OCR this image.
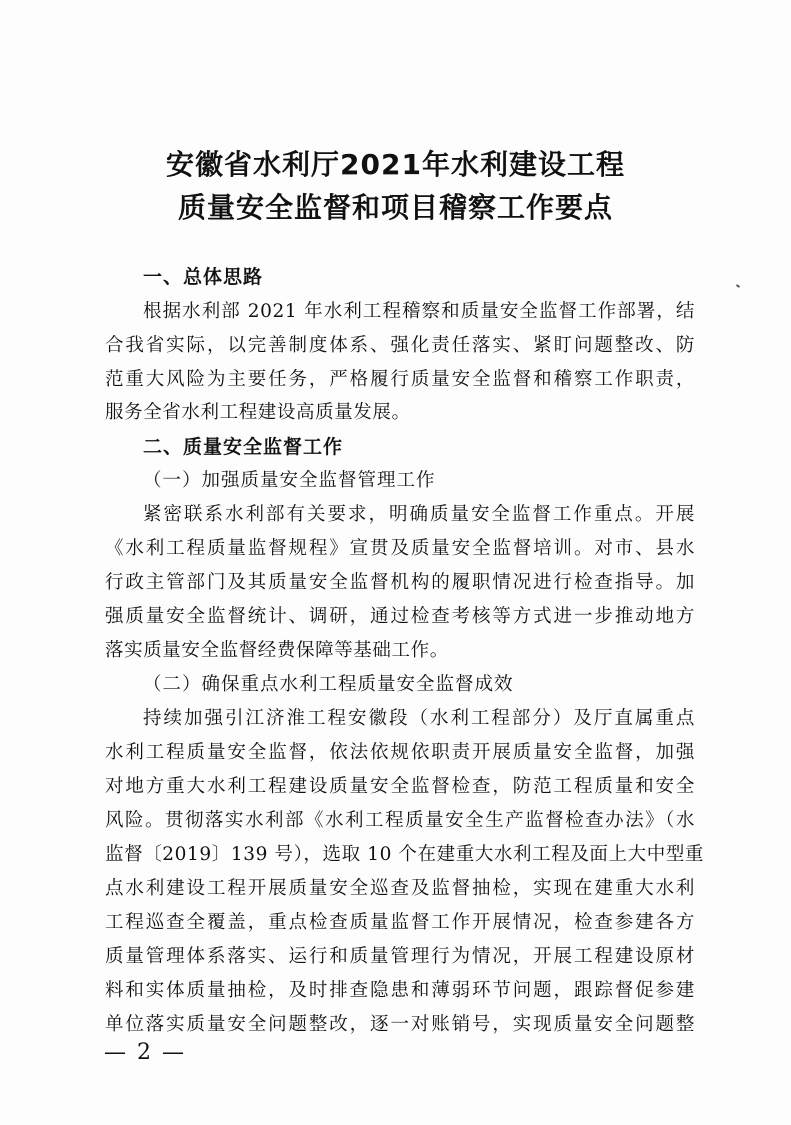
安徽省水利厅2021年水利建设工程
质量安全监督和项目稽察工作要点
一、总体思路
根据水利部 2021 年水利工程稽察和质量安全监督工作部署，结
合我省实际，以完善制度体系、强化责任落实、紧盯问题整改、防
范重大风险为主要任务，严格履行质量安全监督和稽察工作职责，
服务全省水利工程建设高质量发展。
二、质量安全监督工作
（一）加强质量安全监督管理工作
紧密联系水利部有关要求，明确质量安全监督工作重点。开展
《水利工程质量监督规程》宣贯及质量安全监督培训。对市、县水
行政主管部门及其质量安全监督机构的履职情况进行检查指导。加
强质量安全监督统计、调研，通过检查考核等方式进一步推动地方
落实质量安全监督经费保障等基础工作。
（二）确保重点水利工程质量安全监督成效
持续加强引江济淮工程安徽段（水利工程部分）及厅直属重点
水利工程质量安全监督，依法依规依职责开展质量安全监督，加强
对地方重大水利工程建设质量安全监督检查，防范工程质量和安全
风险。贯彻落实水利部《水利工程质量安全生产监督检查办法》（水
监督〔2019〕139 号），选取 10 个在建重大水利工程及面上大中型重
点水利建设工程开展质量安全巡查及监督抽检，实现在建重大水利
工程巡查全覆盖，重点检查质量监督工作开展情况，检查参建各方
质量管理体系落实、运行和质量管理行为情况，开展工程建设原材
料和实体质量抽检，及时排查隐患和薄弱环节问题，跟踪督促参建
单位落实质量安全问题整改，逐一对账销号，实现质量安全问题整
— 2 —
